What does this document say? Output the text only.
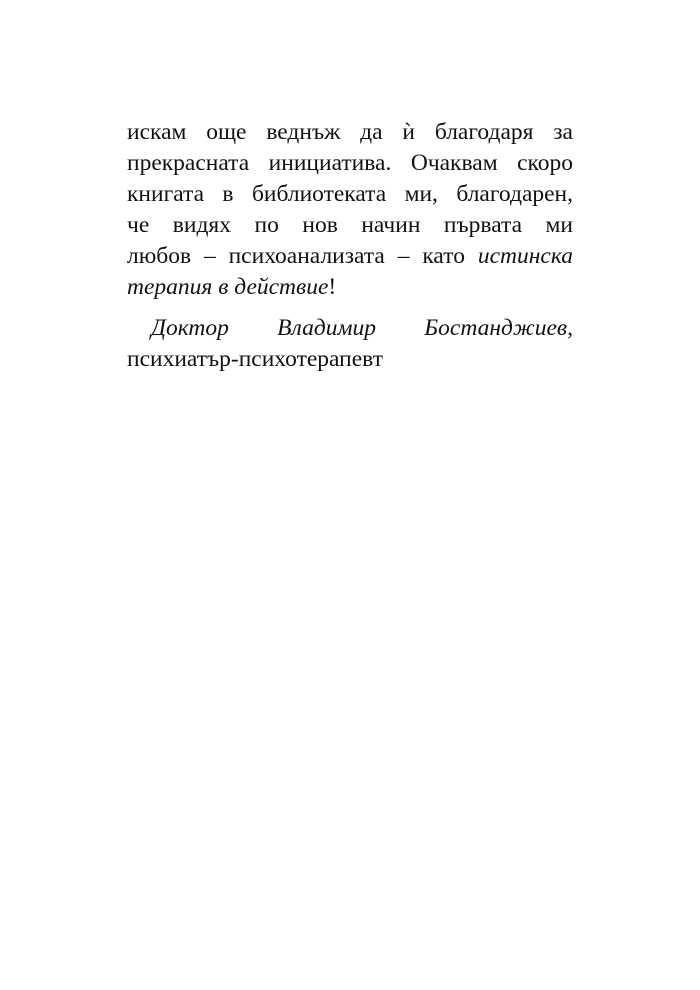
искам още веднъж да ѝ благодаря за
прекрасната инициатива. Очаквам скоро
книгата в библиотеката ми, благодарен,
че видях по нов начин първата ми
любов – психоанализата – като истинска
терапия в действие!
Доктор Владимир Бостанджиев,
психиатър-психотерапевт
